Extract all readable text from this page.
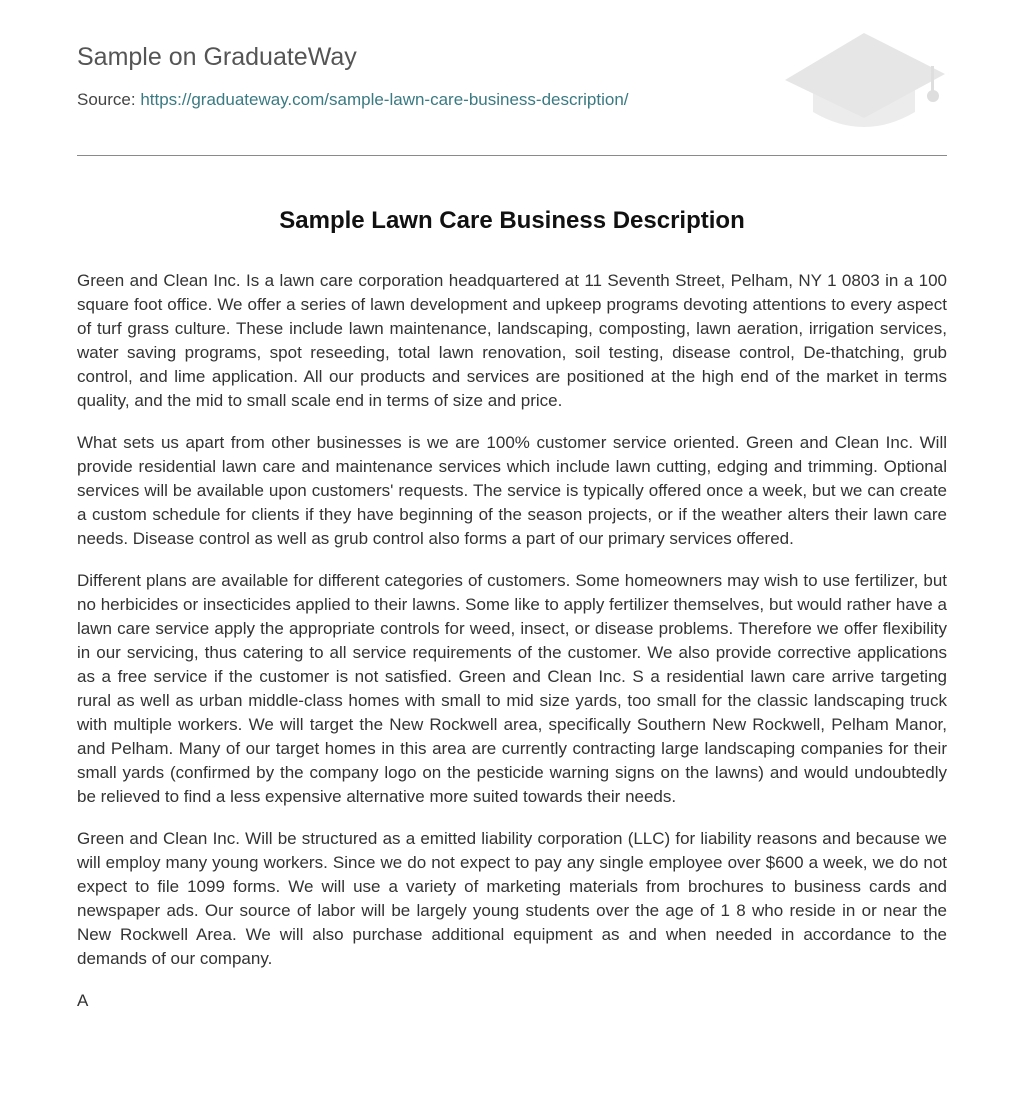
Sample on GraduateWay
Source: https://graduateway.com/sample-lawn-care-business-description/
Sample Lawn Care Business Description

Green and Clean Inc. Is a lawn care corporation headquartered at 11 Seventh Street, Pelham, NY 1 0803 in a 100 square foot office. We offer a series of lawn development and upkeep programs devoting attentions to every aspect of turf grass culture. These include lawn maintenance, landscaping, composting, lawn aeration, irrigation services, water saving programs, spot reseeding, total lawn renovation, soil testing, disease control, De-thatching, grub control, and lime application. All our products and services are positioned at the high end of the market in terms quality, and the mid to small scale end in terms of size and price.

What sets us apart from other businesses is we are 100% customer service oriented. Green and Clean Inc. Will provide residential lawn care and maintenance services which include lawn cutting, edging and trimming. Optional services will be available upon customers' requests. The service is typically offered once a week, but we can create a custom schedule for clients if they have beginning of the season projects, or if the weather alters their lawn care needs. Disease control as well as grub control also forms a part of our primary services offered.

Different plans are available for different categories of customers. Some homeowners may wish to use fertilizer, but no herbicides or insecticides applied to their lawns. Some like to apply fertilizer themselves, but would rather have a lawn care service apply the appropriate controls for weed, insect, or disease problems. Therefore we offer flexibility in our servicing, thus catering to all service requirements of the customer. We also provide corrective applications as a free service if the customer is not satisfied. Green and Clean Inc. S a residential lawn care arrive targeting rural as well as urban middle-class homes with small to mid size yards, too small for the classic landscaping truck with multiple workers. We will target the New Rockwell area, specifically Southern New Rockwell, Pelham Manor, and Pelham. Many of our target homes in this area are currently contracting large landscaping companies for their small yards (confirmed by the company logo on the pesticide warning signs on the lawns) and would undoubtedly be relieved to find a less expensive alternative more suited towards their needs.

Green and Clean Inc. Will be structured as a emitted liability corporation (LLC) for liability reasons and because we will employ many young workers. Since we do not expect to pay any single employee over $600 a week, we do not expect to file 1099 forms. We will use a variety of marketing materials from brochures to business cards and newspaper ads. Our source of labor will be largely young students over the age of 1 8 who reside in or near the New Rockwell Area. We will also purchase additional equipment as and when needed in accordance to the demands of our company.

A
